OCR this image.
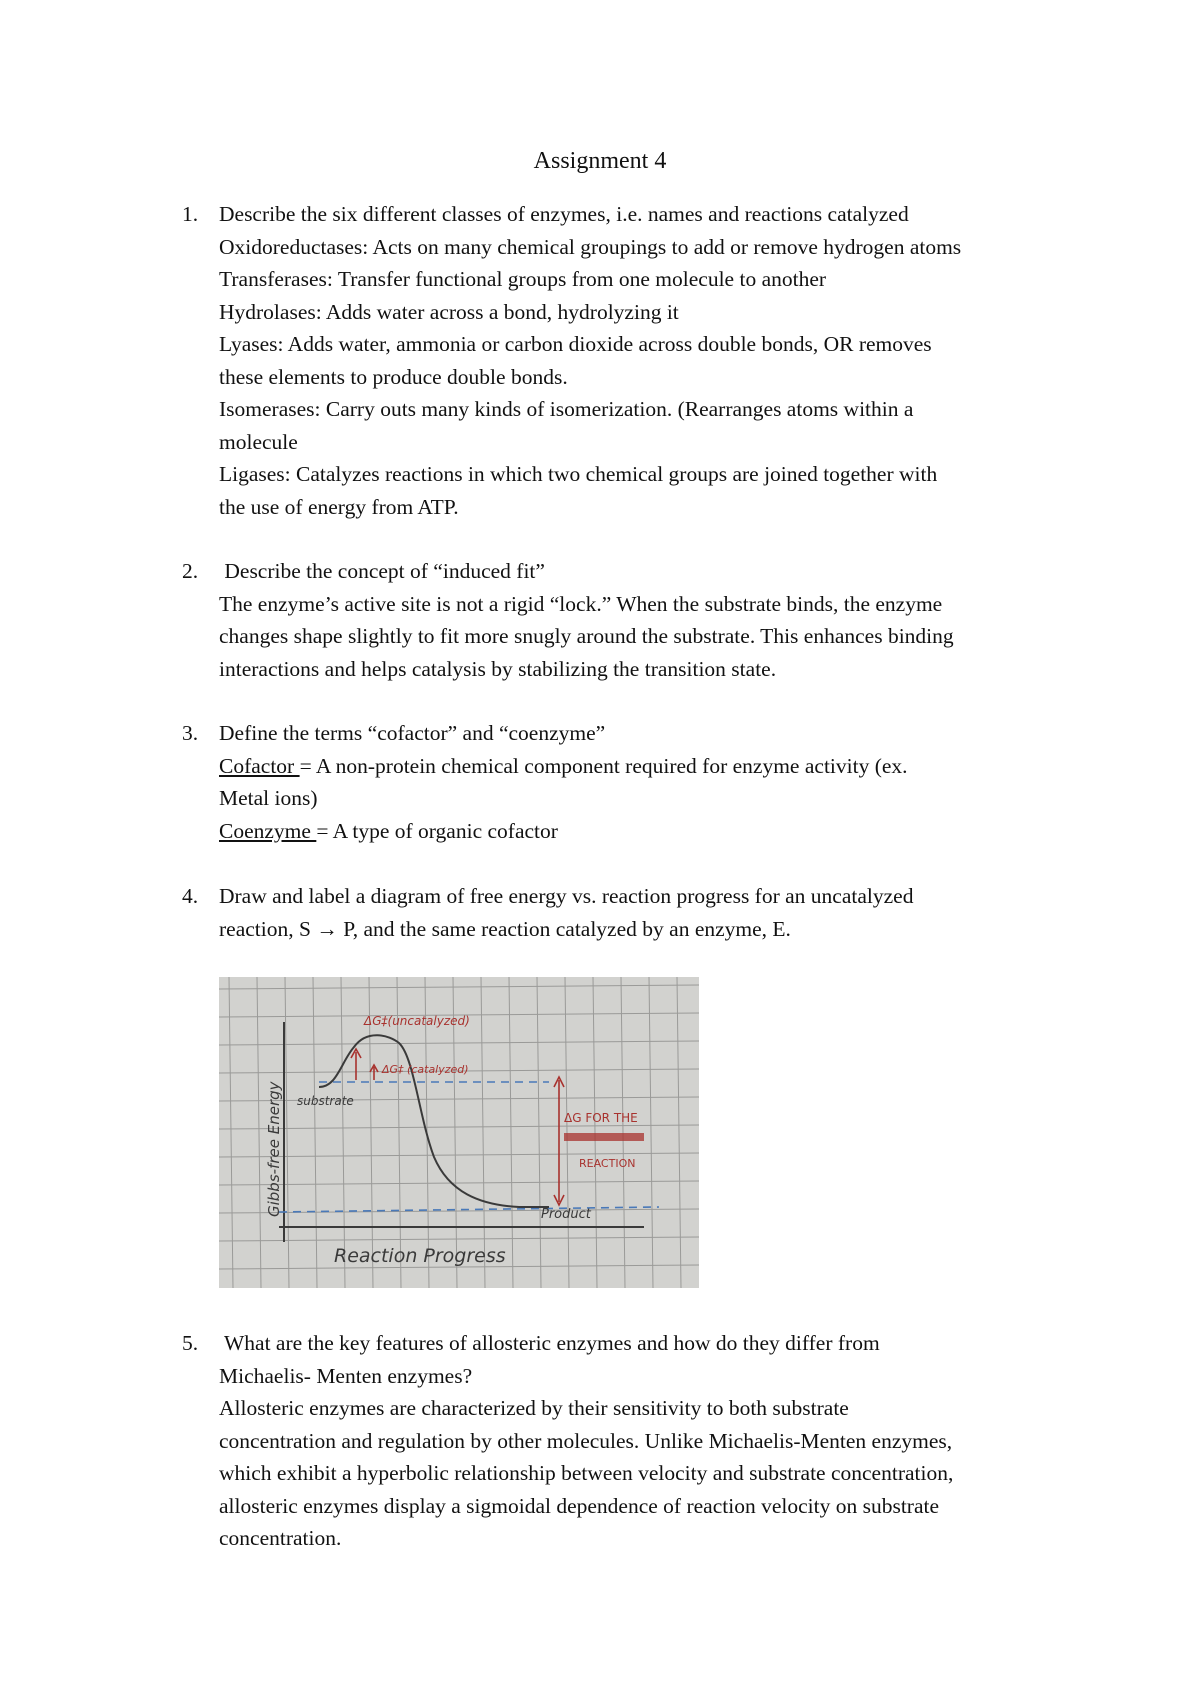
Assignment 4
1. Describe the six different classes of enzymes, i.e. names and reactions catalyzed
Oxidoreductases: Acts on many chemical groupings to add or remove hydrogen atoms
Transferases: Transfer functional groups from one molecule to another
Hydrolases: Adds water across a bond, hydrolyzing it
Lyases: Adds water, ammonia or carbon dioxide across double bonds, OR removes
these elements to produce double bonds.
Isomerases: Carry outs many kinds of isomerization. (Rearranges atoms within a
molecule
Ligases: Catalyzes reactions in which two chemical groups are joined together with
the use of energy from ATP.
2. Describe the concept of “induced fit”
The enzyme’s active site is not a rigid “lock.” When the substrate binds, the enzyme
changes shape slightly to fit more snugly around the substrate. This enhances binding
interactions and helps catalysis by stabilizing the transition state.
3. Define the terms “cofactor” and “coenzyme”
Cofactor = A non-protein chemical component required for enzyme activity (ex.
Metal ions)
Coenzyme = A type of organic cofactor
4. Draw and label a diagram of free energy vs. reaction progress for an uncatalyzed
reaction, S → P, and the same reaction catalyzed by an enzyme, E.
ΔG‡(uncatalyzed)
ΔG‡ (catalyzed)
substrate
ΔG FOR THE
REACTION
Product
Reaction Progress
Gibbs-free Energy
5. What are the key features of allosteric enzymes and how do they differ from
Michaelis- Menten enzymes?
Allosteric enzymes are characterized by their sensitivity to both substrate
concentration and regulation by other molecules. Unlike Michaelis-Menten enzymes,
which exhibit a hyperbolic relationship between velocity and substrate concentration,
allosteric enzymes display a sigmoidal dependence of reaction velocity on substrate
concentration.
